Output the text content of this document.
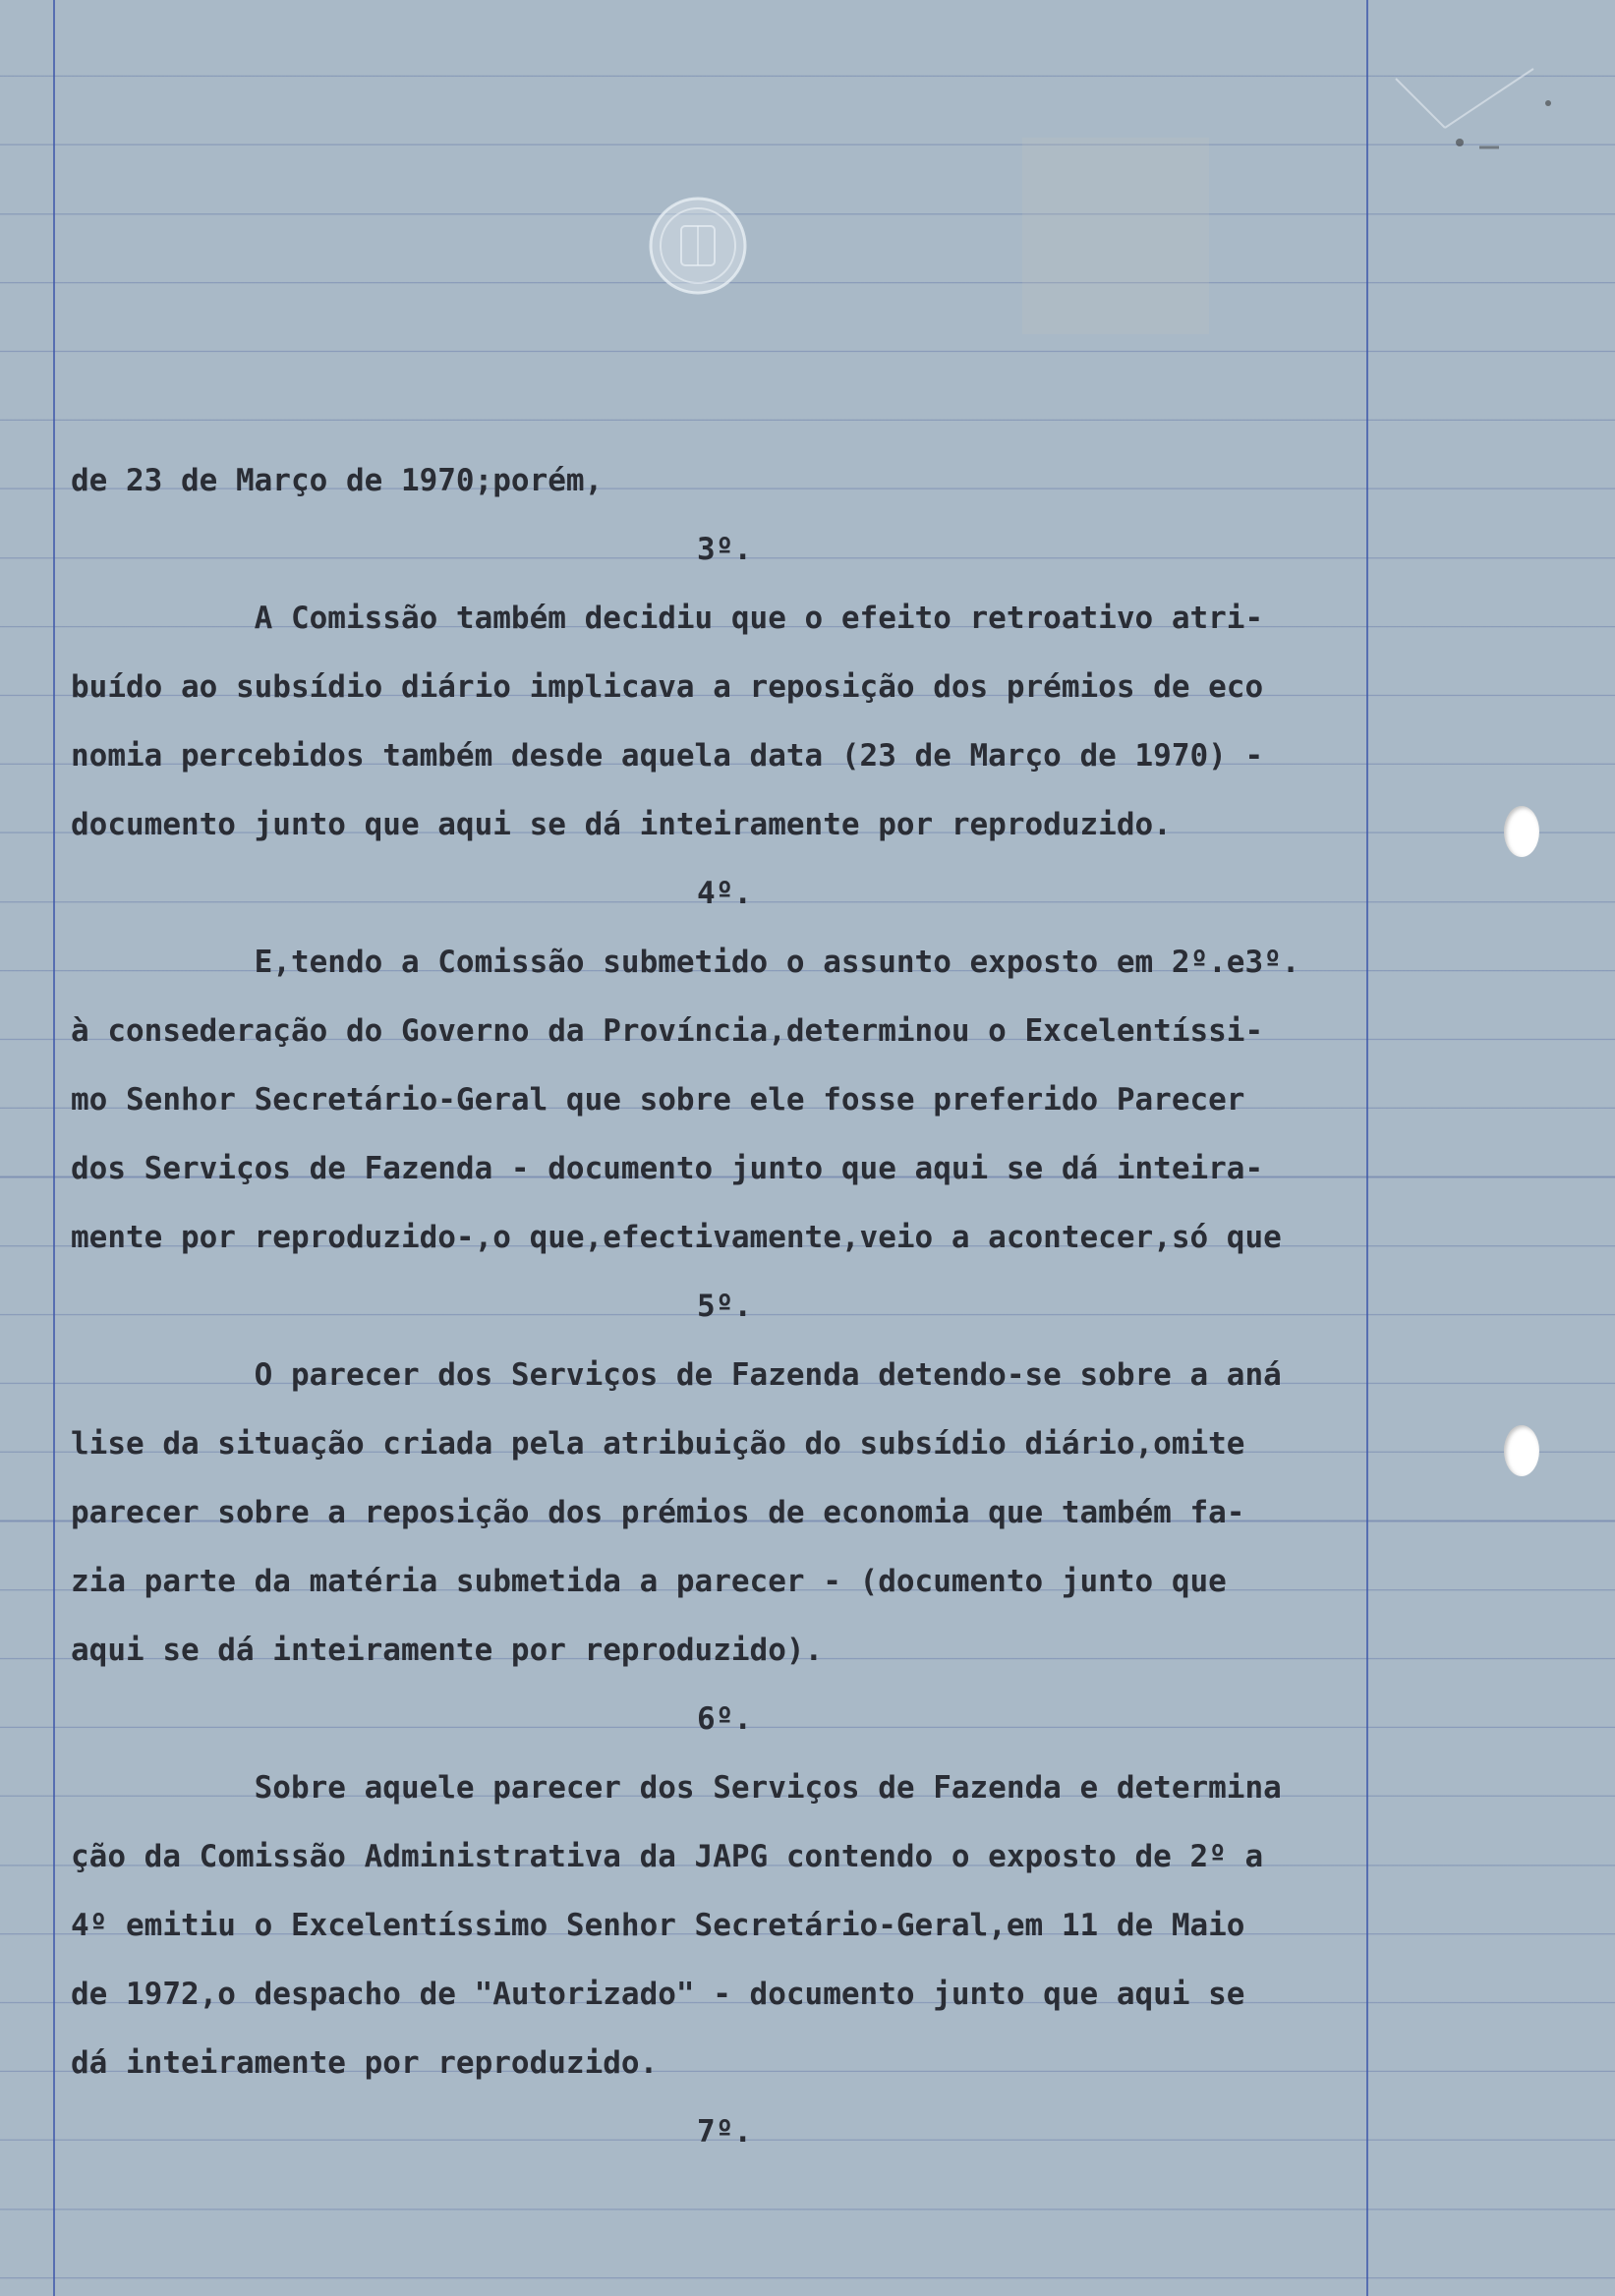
de 23 de Março de 1970;porém,

3º.

A Comissão também decidiu que o efeito retroativo atri-

buído ao subsídio diário implicava a reposição dos prémios de eco

nomia percebidos também desde aquela data (23 de Março de 1970) -

documento junto que aqui se dá inteiramente por reproduzido.

4º.

E,tendo a Comissão submetido o assunto exposto em 2º.e3º.

à consederação do Governo da Província,determinou o Excelentíssi-

mo Senhor Secretário-Geral que sobre ele fosse preferido Parecer

dos Serviços de Fazenda - documento junto que aqui se dá inteira-

mente por reproduzido-,o que,efectivamente,veio a acontecer,só que

5º.

O parecer dos Serviços de Fazenda detendo-se sobre a aná

lise da situação criada pela atribuição do subsídio diário,omite

parecer sobre a reposição dos prémios de economia que também fa-

zia parte da matéria submetida a parecer - (documento junto que

aqui se dá inteiramente por reproduzido).

6º.

Sobre aquele parecer dos Serviços de Fazenda e determina

ção da Comissão Administrativa da JAPG contendo o exposto de 2º a

4º emitiu o Excelentíssimo Senhor Secretário-Geral,em 11 de Maio

de 1972,o despacho de "Autorizado" - documento junto que aqui se

dá inteiramente por reproduzido.

7º.
